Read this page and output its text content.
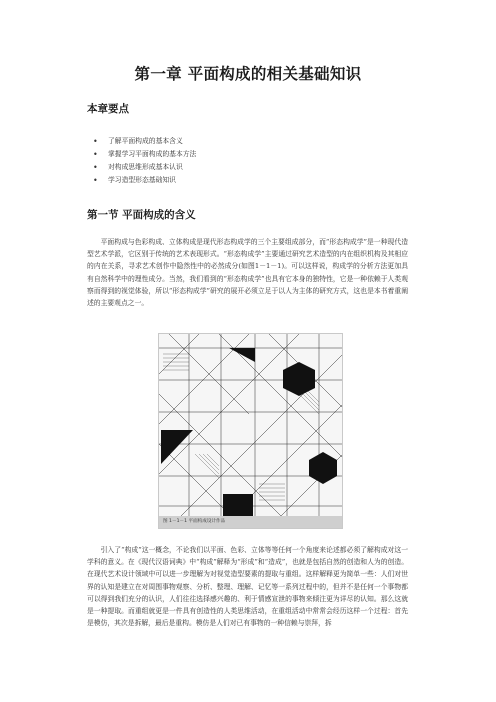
第一章 平面构成的相关基础知识
本章要点
• 了解平面构成的基本含义
• 掌握学习平面构成的基本方法
• 对构成思维形成基本认识
• 学习造型形态基础知识
第一节 平面构成的含义

平面构成与色彩构成、立体构成是现代形态构成学的三个主要组成部分，而“形态构成学”是一种现代造型艺术学派，它区别于传统的艺术表现形式。“形态构成学”主要通过研究艺术造型的内在组织机构及其相应的内在关系，寻求艺术创作中隐然性中的必然成分(如图1－1－1)。可以这样说，构成学的分析方法更加具有自然科学中的理性成分。当然，我们看到的“形态构成学”也具有它本身的独特性，它是一种依赖于人类观察而得到的视觉体验，所以“形态构成学”研究的展开必须立足于以人为主体的研究方式，这也是本书着重阐述的主要观点之一。

图 1－1－1 平面构成设计作品

引入了“构成”这一概念，不论我们以平面、色彩、立体等等任何一个角度来论述都必须了解构成对这一学科的意义。在《现代汉语词典》中“构成”解释为“形成”和“造成”，也就是包括自然的创造和人为的创造。在现代艺术设计领域中可以进一步理解为对视觉造型要素的提取与重组。这样解释更为简单一些：人们对世界的认知是建立在对周围事物观察、分析、整理、理解、记忆等一系列过程中的，但并不是任何一个事物都可以得到我们充分的认识，人们往往选择感兴趣的、利于情感宣泄的事物来倾注更为详尽的认知。那么这就是一种提取。而重组就更是一件具有创造性的人类思维活动，在重组活动中常常会经历这样一个过程：首先是模仿，其次是拆解，最后是重构。模仿是人们对已有事物的一种信赖与崇拜，拆
